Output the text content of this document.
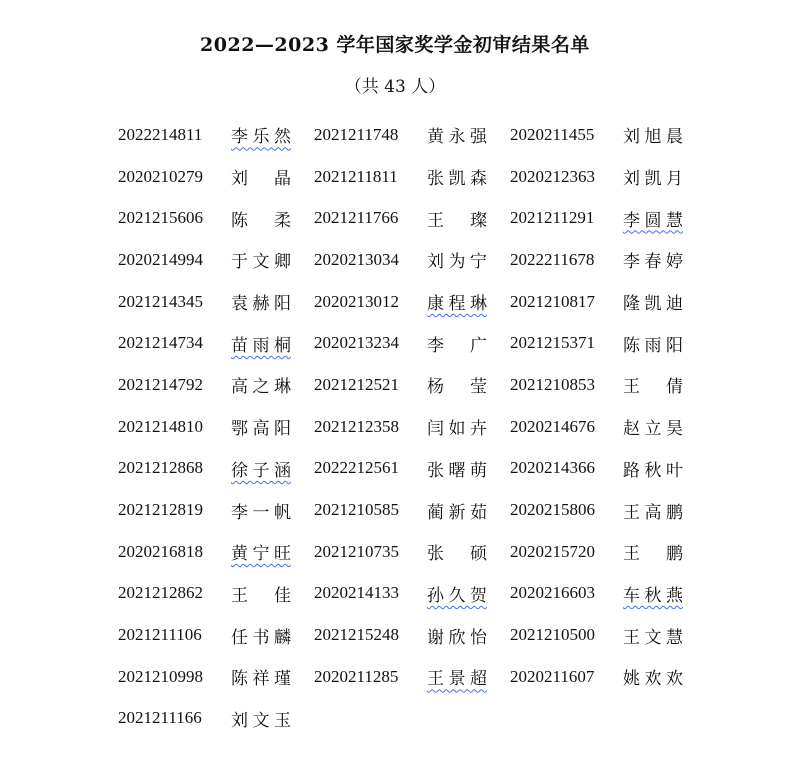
2022—2023 学年国家奖学金初审结果名单
（共 43 人）
2022214811	李乐然 2021211748	黄永强 2020211455	刘旭晨
2020210279	刘　晶 2021211811	张凯森 2020212363	刘凯月
2021215606	陈　柔 2021211766	王　璨 2021211291	李圆慧
2020214994	于文卿 2020213034	刘为宁 2022211678	李春婷
2021214345	袁赫阳 2020213012	康程琳 2021210817	隆凯迪
2021214734	苗雨桐 2020213234	李　广 2021215371	陈雨阳
2021214792	高之琳 2021212521	杨　莹 2021210853	王　倩
2021214810	鄂高阳 2021212358	闫如卉 2020214676	赵立昊
2021212868	徐子涵 2022212561	张曙萌 2020214366	路秋叶
2021212819	李一帆 2021210585	蔺新茹 2020215806	王高鹏
2020216818	黄宁旺 2021210735	张　硕 2020215720	王　鹏
2021212862	王　佳 2020214133	孙久贺 2020216603	车秋燕
2021211106	任书麟 2021215248	谢欣怡 2021210500	王文慧
2021210998	陈祥瑾 2020211285	王景超 2020211607	姚欢欢
2021211166	刘文玉
